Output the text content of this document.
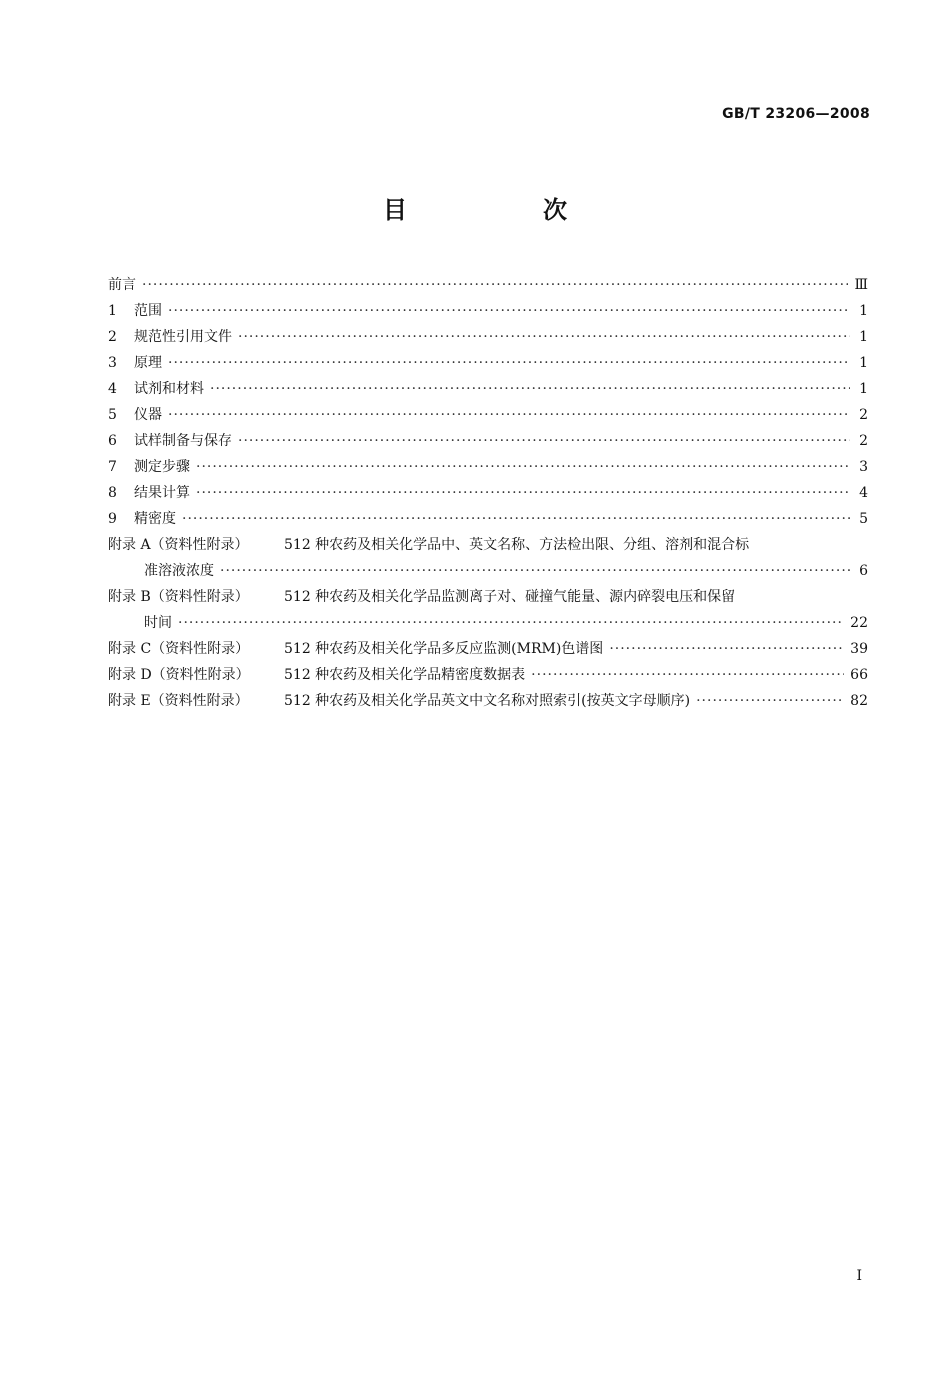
GB/T 23206—2008
目　次
前言 ·····	Ⅲ
1	范围 ·····	1
2	规范性引用文件 ·····	1
3	原理 ·····	1
4	试剂和材料 ·····	1
5	仪器 ·····	2
6	试样制备与保存 ·····	2
7	测定步骤 ·····	3
8	结果计算 ·····	4
9	精密度 ·····	5
附录 A（资料性附录）	512 种农药及相关化学品中、英文名称、方法检出限、分组、溶剂和混合标
准溶液浓度 ·····	6
附录 B（资料性附录）	512 种农药及相关化学品监测离子对、碰撞气能量、源内碎裂电压和保留
时间 ·····	22
附录 C（资料性附录）	512 种农药及相关化学品多反应监测(MRM)色谱图 ·····	39
附录 D（资料性附录）	512 种农药及相关化学品精密度数据表 ·····	66
附录 E（资料性附录）	512 种农药及相关化学品英文中文名称对照索引(按英文字母顺序) ·····	82
Ⅰ
